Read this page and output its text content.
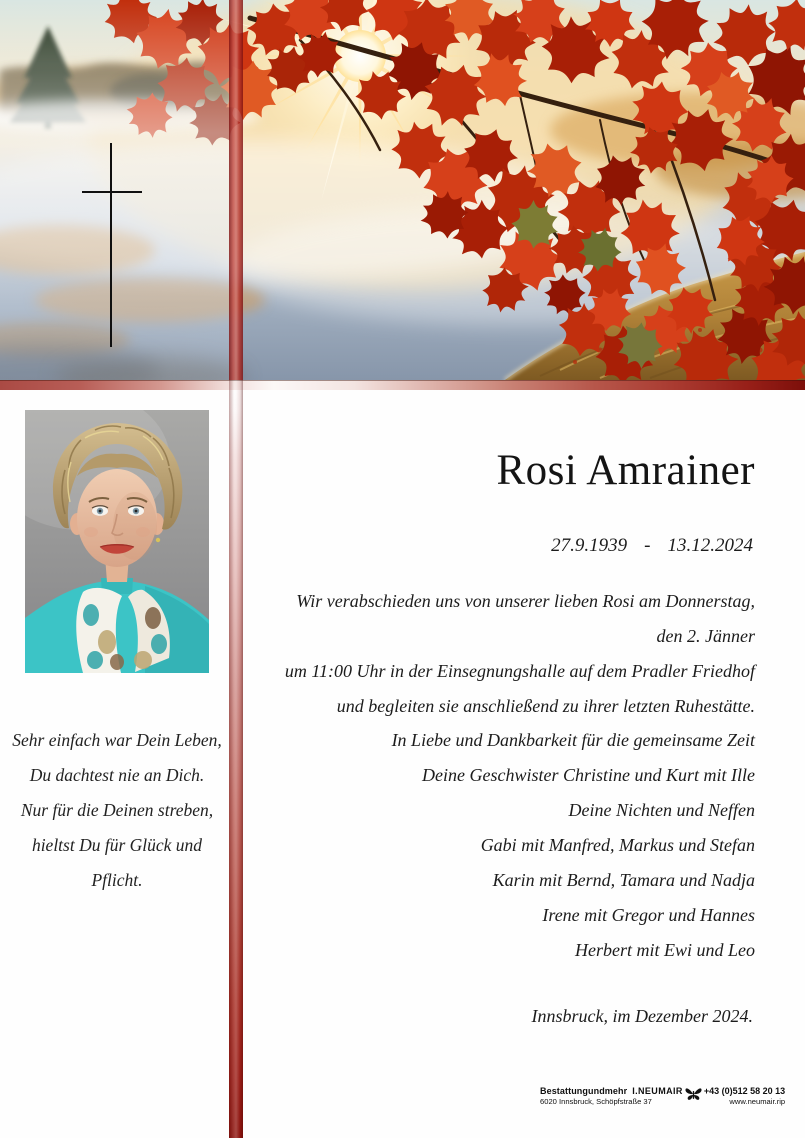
Rosi Amrainer
27.9.1939 - 13.12.2024
Wir verabschieden uns von unserer lieben Rosi am Donnerstag, den 2. Jänner
um 11:00 Uhr in der Einsegnungshalle auf dem Pradler Friedhof
und begleiten sie anschließend zu ihrer letzten Ruhestätte.
Sehr einfach war Dein Leben,
Du dachtest nie an Dich.
Nur für die Deinen streben,
hieltst Du für Glück und Pflicht.
In Liebe und Dankbarkeit für die gemeinsame Zeit
Deine Geschwister Christine und Kurt mit Ille
Deine Nichten und Neffen
Gabi mit Manfred, Markus und Stefan
Karin mit Bernd, Tamara und Nadja
Irene mit Gregor und Hannes
Herbert mit Ewi und Leo
Innsbruck, im Dezember 2024.
Bestattungundmehr I.NEUMAIR
6020 Innsbruck, Schöpfstraße 37
+43 (0)512 58 20 13
www.neumair.rip
